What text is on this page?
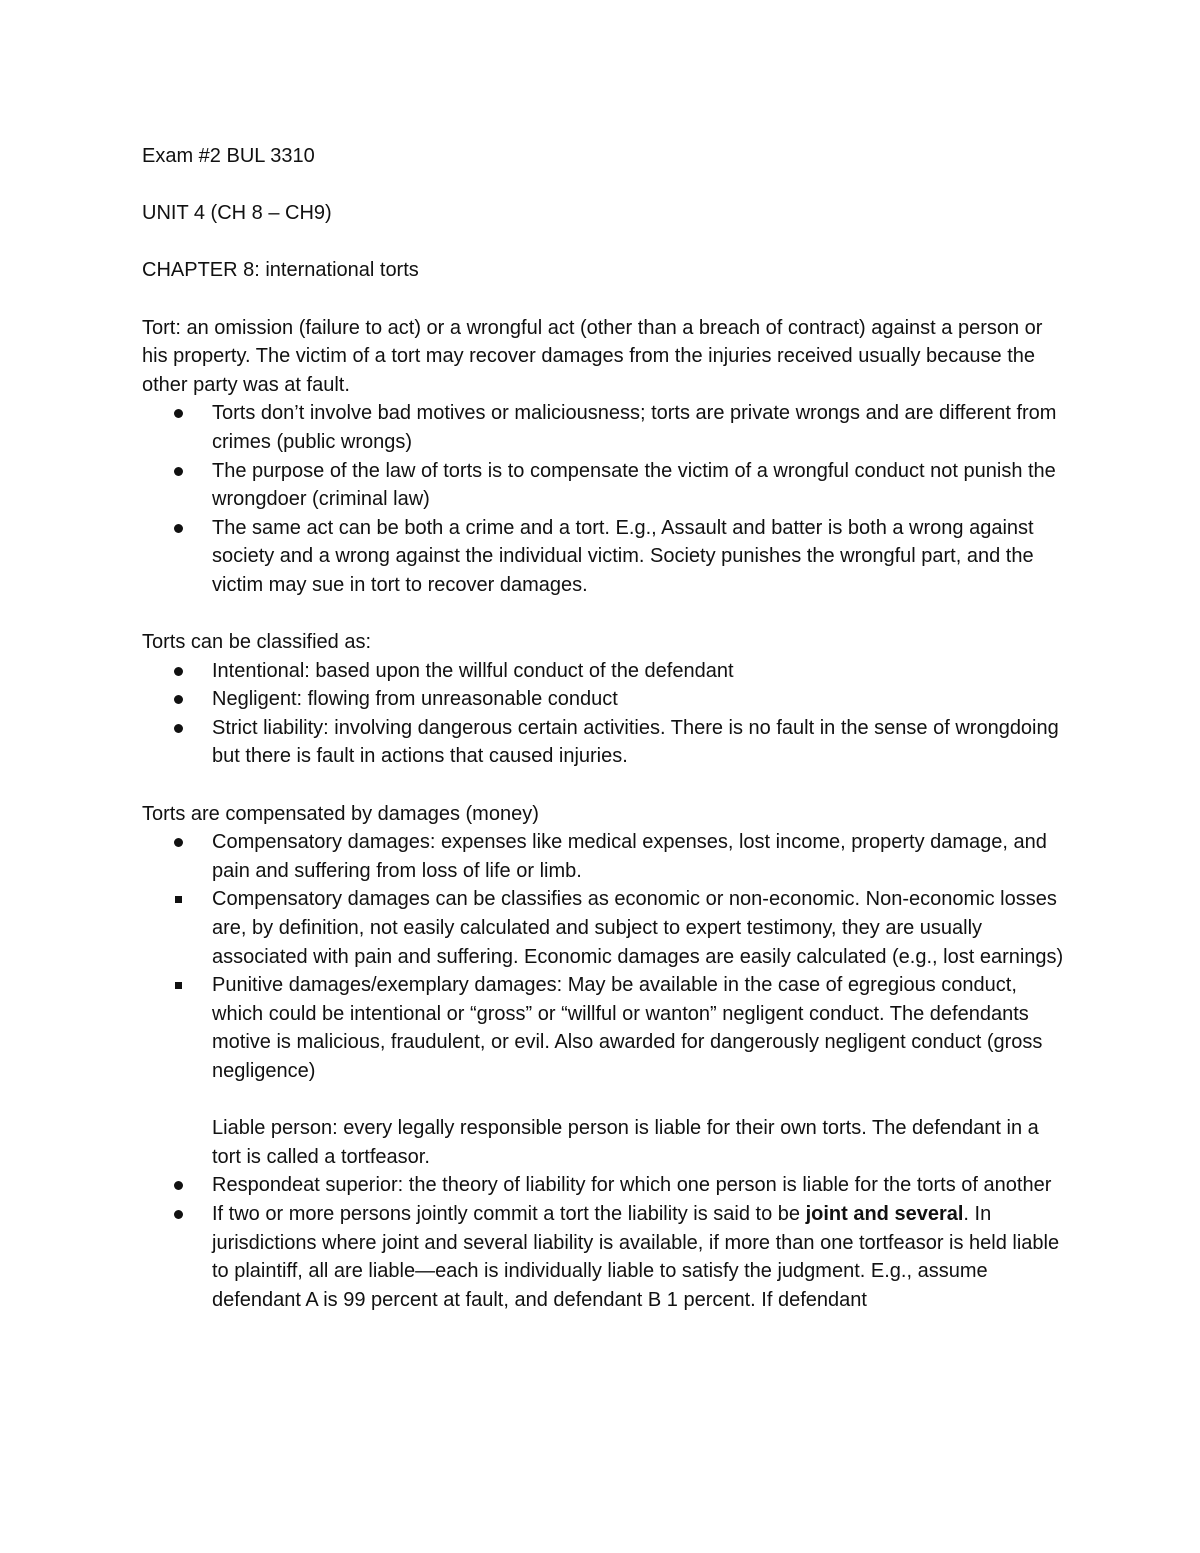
Exam #2 BUL 3310

UNIT 4 (CH 8 – CH9)

CHAPTER 8: international torts

Tort: an omission (failure to act) or a wrongful act (other than a breach of contract) against a person or his property. The victim of a tort may recover damages from the injuries received usually because the other party was at fault.

Torts don’t involve bad motives or maliciousness; torts are private wrongs and are different from crimes (public wrongs)
The purpose of the law of torts is to compensate the victim of a wrongful conduct not punish the wrongdoer (criminal law)
The same act can be both a crime and a tort. E.g., Assault and batter is both a wrong against society and a wrong against the individual victim. Society punishes the wrongful part, and the victim may sue in tort to recover damages.

Torts can be classified as:

Intentional: based upon the willful conduct of the defendant
Negligent: flowing from unreasonable conduct
Strict liability: involving dangerous certain activities. There is no fault in the sense of wrongdoing but there is fault in actions that caused injuries.

Torts are compensated by damages (money)

Compensatory damages: expenses like medical expenses, lost income, property damage, and pain and suffering from loss of life or limb.
Compensatory damages can be classifies as economic or non-economic. Non-economic losses are, by definition, not easily calculated and subject to expert testimony, they are usually associated with pain and suffering. Economic damages are easily calculated (e.g., lost earnings)
Punitive damages/exemplary damages: May be available in the case of egregious conduct, which could be intentional or “gross” or “willful or wanton” negligent conduct. The defendants motive is malicious, fraudulent, or evil. Also awarded for dangerously negligent conduct (gross negligence)

Liable person: every legally responsible person is liable for their own torts. The defendant in a tort is called a tortfeasor.

Respondeat superior: the theory of liability for which one person is liable for the torts of another
If two or more persons jointly commit a tort the liability is said to be joint and several. In jurisdictions where joint and several liability is available, if more than one tortfeasor is held liable to plaintiff, all are liable—each is individually liable to satisfy the judgment. E.g., assume defendant A is 99 percent at fault, and defendant B 1 percent. If defendant
